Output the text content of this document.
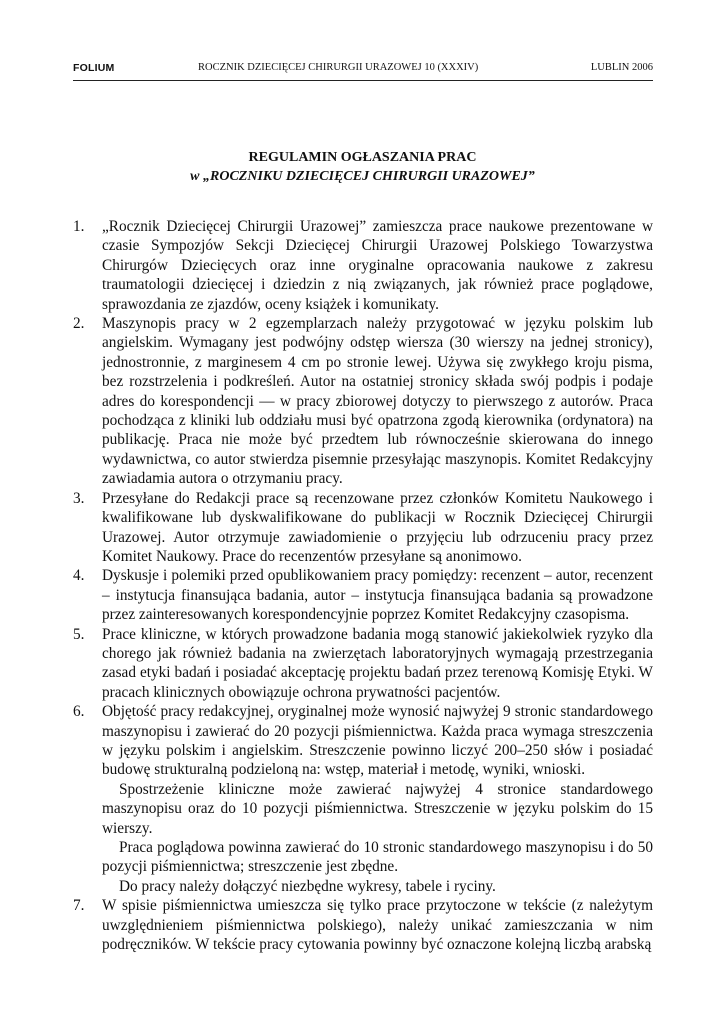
FOLIUM	ROCZNIK DZIECIĘCEJ CHIRURGII URAZOWEJ 10 (XXXIV)	LUBLIN 2006
REGULAMIN OGŁASZANIA PRAC
w „ROCZNIKU DZIECIĘCEJ CHIRURGII URAZOWEJ”
1.	„Rocznik Dziecięcej Chirurgii Urazowej” zamieszcza prace naukowe prezentowane w czasie Sympozjów Sekcji Dziecięcej Chirurgii Urazowej Polskiego Towarzystwa Chirurgów Dziecięcych oraz inne oryginalne opracowania naukowe z zakresu traumatologii dziecięcej i dziedzin z nią związanych, jak również prace poglądowe, sprawozdania ze zjazdów, oceny książek i komunikaty.
2.	Maszynopis pracy w 2 egzemplarzach należy przygotować w języku polskim lub angielskim. Wymagany jest podwójny odstęp wiersza (30 wierszy na jednej stronicy), jednostronnie, z marginesem 4 cm po stronie lewej. Używa się zwykłego kroju pisma, bez rozstrzelenia i podkreśleń. Autor na ostatniej stronicy składa swój podpis i podaje adres do korespondencji — w pracy zbiorowej dotyczy to pierwszego z autorów. Praca pochodząca z kliniki lub oddziału musi być opatrzona zgodą kierownika (ordynatora) na publikację. Praca nie może być przedtem lub równocześnie skierowana do innego wydawnictwa, co autor stwierdza pisemnie przesyłając maszynopis. Komitet Redakcyjny zawiadamia autora o otrzymaniu pracy.
3.	Przesyłane do Redakcji prace są recenzowane przez członków Komitetu Naukowego i kwalifikowane lub dyskwalifikowane do publikacji w Rocznik Dziecięcej Chirurgii Urazowej. Autor otrzymuje zawiadomienie o przyjęciu lub odrzuceniu pracy przez Komitet Naukowy. Prace do recenzentów przesyłane są anonimowo.
4.	Dyskusje i polemiki przed opublikowaniem pracy pomiędzy: recenzent – autor, recenzent – instytucja finansująca badania, autor – instytucja finansująca badania są prowadzone przez zainteresowanych korespondencyjnie poprzez Komitet Redakcyjny czasopisma.
5.	Prace kliniczne, w których prowadzone badania mogą stanowić jakiekolwiek ryzyko dla chorego jak również badania na zwierzętach laboratoryjnych wymagają przestrzegania zasad etyki badań i posiadać akceptację projektu badań przez terenową Komisję Etyki. W pracach klinicznych obowiązuje ochrona prywatności pacjentów.
6.	Objętość pracy redakcyjnej, oryginalnej może wynosić najwyżej 9 stronic standardowego maszynopisu i zawierać do 20 pozycji piśmiennictwa. Każda praca wymaga streszczenia w języku polskim i angielskim. Streszczenie powinno liczyć 200–250 słów i posiadać budowę strukturalną podzieloną na: wstęp, materiał i metodę, wyniki, wnioski.

Spostrzeżenie kliniczne może zawierać najwyżej 4 stronice standardowego maszynopisu oraz do 10 pozycji piśmiennictwa. Streszczenie w języku polskim do 15 wierszy.

Praca poglądowa powinna zawierać do 10 stronic standardowego maszynopisu i do 50 pozycji piśmiennictwa; streszczenie jest zbędne.

Do pracy należy dołączyć niezbędne wykresy, tabele i ryciny.

7.	W spisie piśmiennictwa umieszcza się tylko prace przytoczone w tekście (z należytym uwzględnieniem piśmiennictwa polskiego), należy unikać zamieszczania w nim podręczników. W tekście pracy cytowania powinny być oznaczone kolejną liczbą arabską
